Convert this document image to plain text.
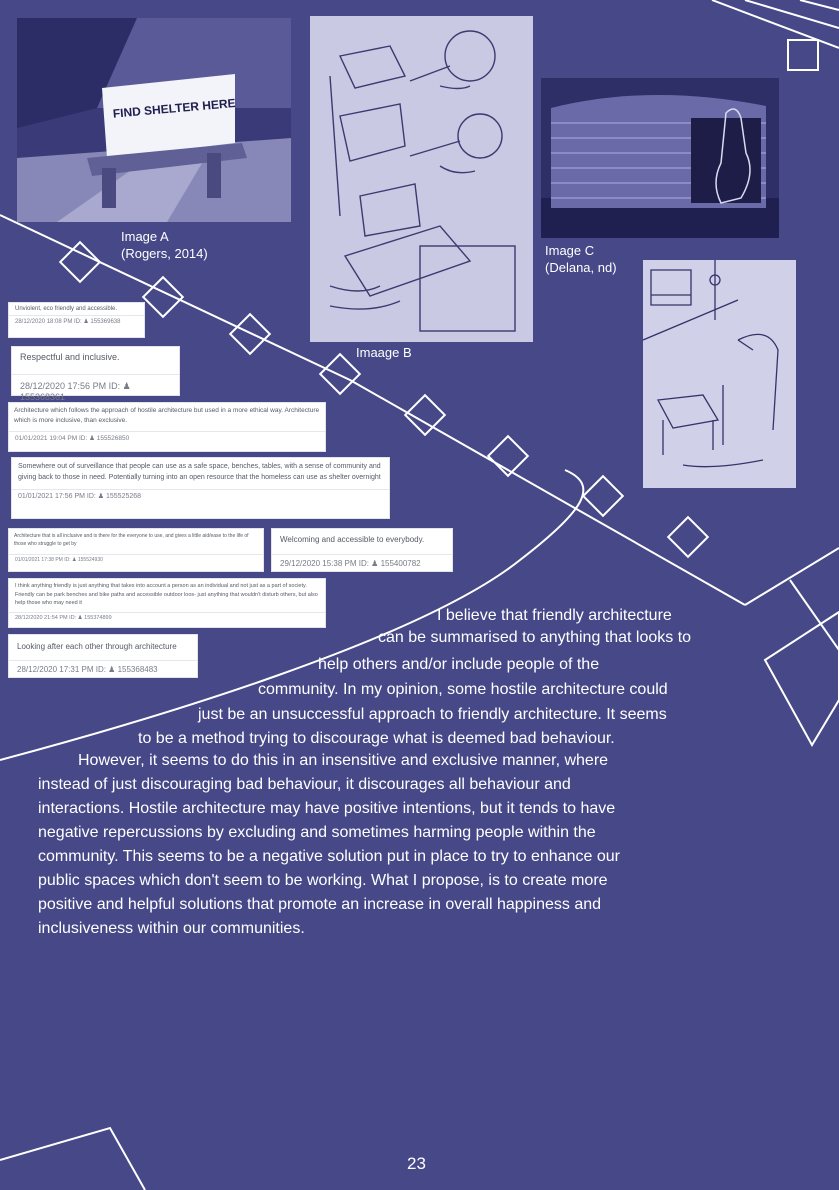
FIND SHELTER HERE
Image A
(Rogers, 2014)
Imaage B
Image C
(Delana, nd)
Unviolent, eco friendly and accessible.
28/12/2020 18:08 PM ID: ♟ 155369638
Respectful and inclusive.
28/12/2020 17:56 PM ID: ♟ 155368361
Architecture which follows the approach of hostile architecture but used in a more ethical way. Architecture which is more inclusive, than exclusive.
01/01/2021 19:04 PM ID: ♟ 155526850
Somewhere out of surveillance that people can use as a safe space, benches, tables, with a sense of community and giving back to those in need. Potentially turning into an open resource that the homeless can use as shelter overnight
01/01/2021 17:56 PM ID: ♟ 155525268
Architecture that is all inclusive and is there for the everyone to use, and gives a little aid/ease to the life of those who struggle to get by
01/01/2021 17:38 PM ID: ♟ 155524930
Welcoming and accessible to everybody.
29/12/2020 15:38 PM ID: ♟ 155400782
I think anything friendly is just anything that takes into account a person as an individual and not just as a part of society. Friendly can be park benches and bike paths and accessible outdoor loos- just anything that wouldn't disturb others, but also help those who may need it
28/12/2020 21:54 PM ID: ♟ 155374899
Looking after each other through architecture
28/12/2020 17:31 PM ID: ♟ 155368483
I believe that friendly architecture
can be summarised to anything that looks to
help others and/or include people of the
community. In my opinion, some hostile architecture could
just be an unsuccessful approach to friendly architecture. It seems
to be a method trying to discourage what is deemed bad behaviour.
However, it seems to do this in an insensitive and exclusive manner, where
instead of just discouraging bad behaviour, it discourages all behaviour and
interactions. Hostile architecture may have positive intentions, but it tends to have
negative repercussions by excluding and sometimes harming people within the
community. This seems to be a negative solution put in place to try to enhance our
public spaces which don't seem to be working. What I propose, is to create more
positive and helpful solutions that promote an increase in overall happiness and
inclusiveness within our communities.
23
